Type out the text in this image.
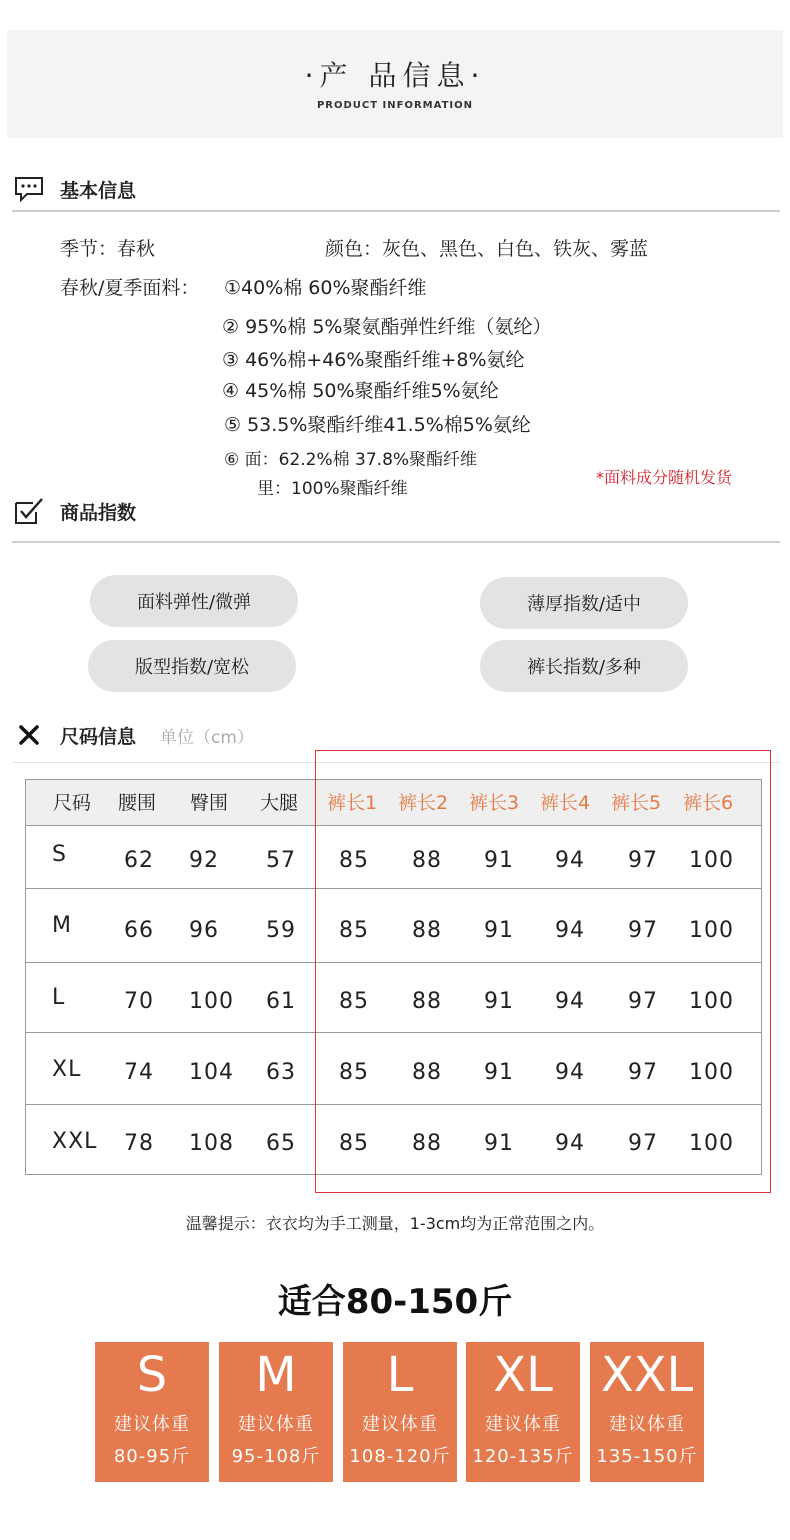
·产 品信息·
PRODUCT INFORMATION
基本信息
季节：春秋	颜色：灰色、黑色、白色、铁灰、雾蓝
春秋/夏季面料： ①40%棉 60%聚酯纤维
② 95%棉 5%聚氨酯弹性纤维（氨纶）
③ 46%棉+46%聚酯纤维+8%氨纶
④ 45%棉 50%聚酯纤维5%氨纶
⑤ 53.5%聚酯纤维41.5%棉5%氨纶
⑥ 面：62.2%棉 37.8%聚酯纤维
里：100%聚酯纤维
*面料成分随机发货
商品指数
面料弹性/微弹	薄厚指数/适中
版型指数/宽松	裤长指数/多种
尺码信息 单位（cm）
尺码 腰围 臀围 大腿 裤长1 裤长2 裤长3 裤长4 裤长5 裤长6
S	62 92 57 85 88 91 94 97 100
M 66 96 59 85 88 91 94 97 100
L	70 100 61 85 88 91 94 97 100
XL 74 104 63 85 88 91 94 97 100
XXL 78 108 65 85 88 91 94 97 100
温馨提示：衣衣均为手工测量，1-3cm均为正常范围之内。
适合80-150斤
S
建议体重
80-95斤
M
建议体重
95-108斤
L
建议体重
108-120斤
XL
建议体重
120-135斤
XXL
建议体重
135-150斤
